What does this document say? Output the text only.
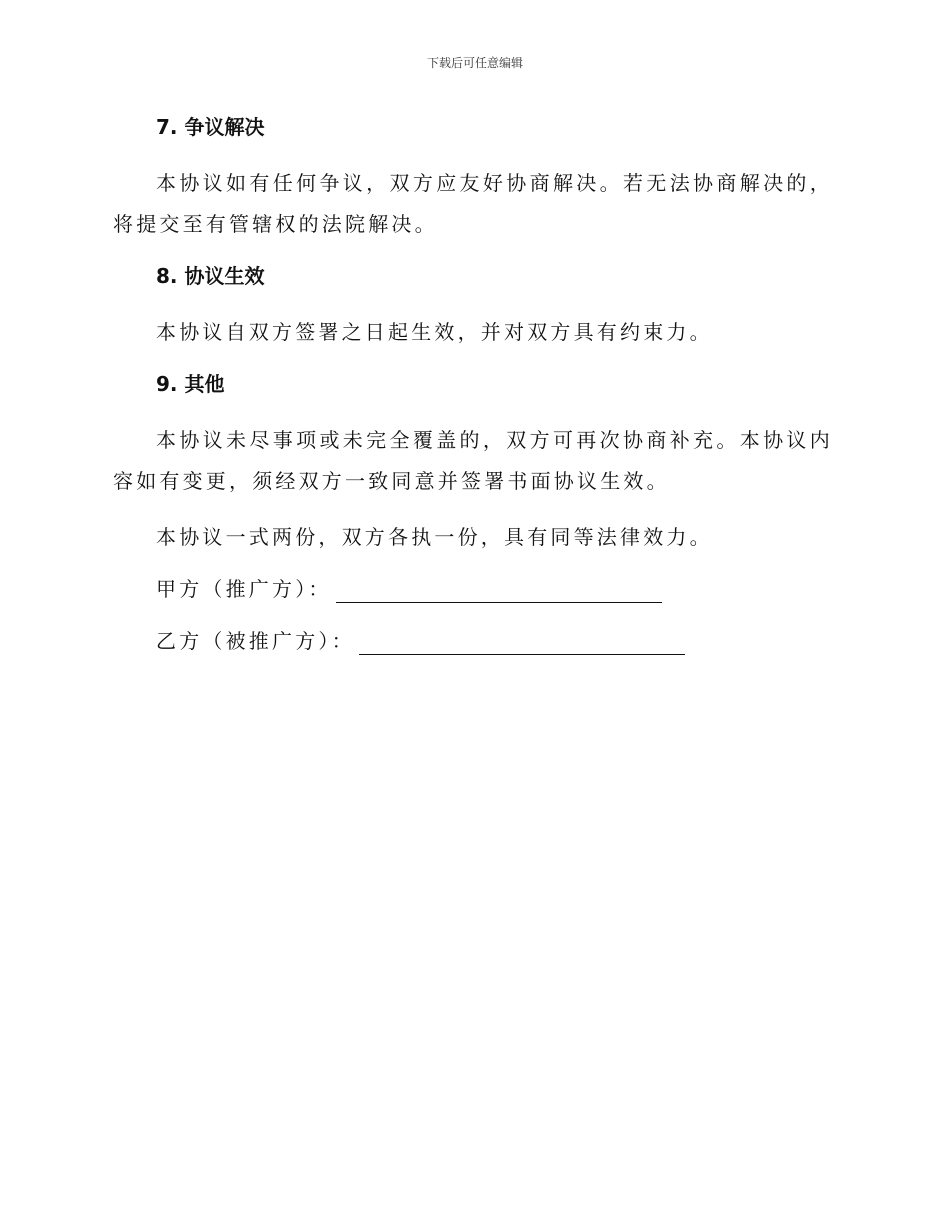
下载后可任意编辑
7. 争议解决

本协议如有任何争议，双方应友好协商解决。若无法协商解决的，将提交至有管辖权的法院解决。

8. 协议生效

本协议自双方签署之日起生效，并对双方具有约束力。

9. 其他

本协议未尽事项或未完全覆盖的，双方可再次协商补充。本协议内容如有变更，须经双方一致同意并签署书面协议生效。

本协议一式两份，双方各执一份，具有同等法律效力。

甲方（推广方）：
乙方（被推广方）：
